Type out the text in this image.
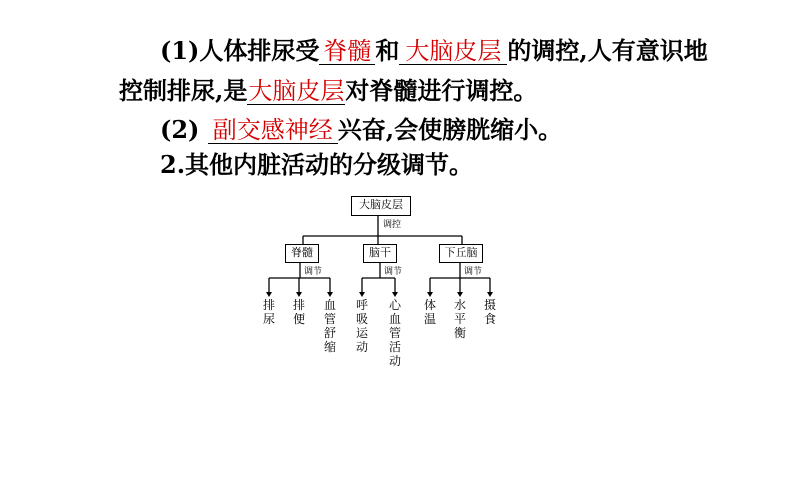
(1)人体排尿受 脊髓 和 大脑皮层 的调控,人有意识地
控制排尿,是大脑皮层对脊髓进行调控。
(2) 副交感神经 兴奋,会使膀胱缩小。
2.其他内脏活动的分级调节。
大脑皮层
调控
脊髓	脑干	下丘脑
调节	调节	调节
排尿
排便
血管舒缩
呼吸运动
心血管活动
体温
水平衡
摄食
